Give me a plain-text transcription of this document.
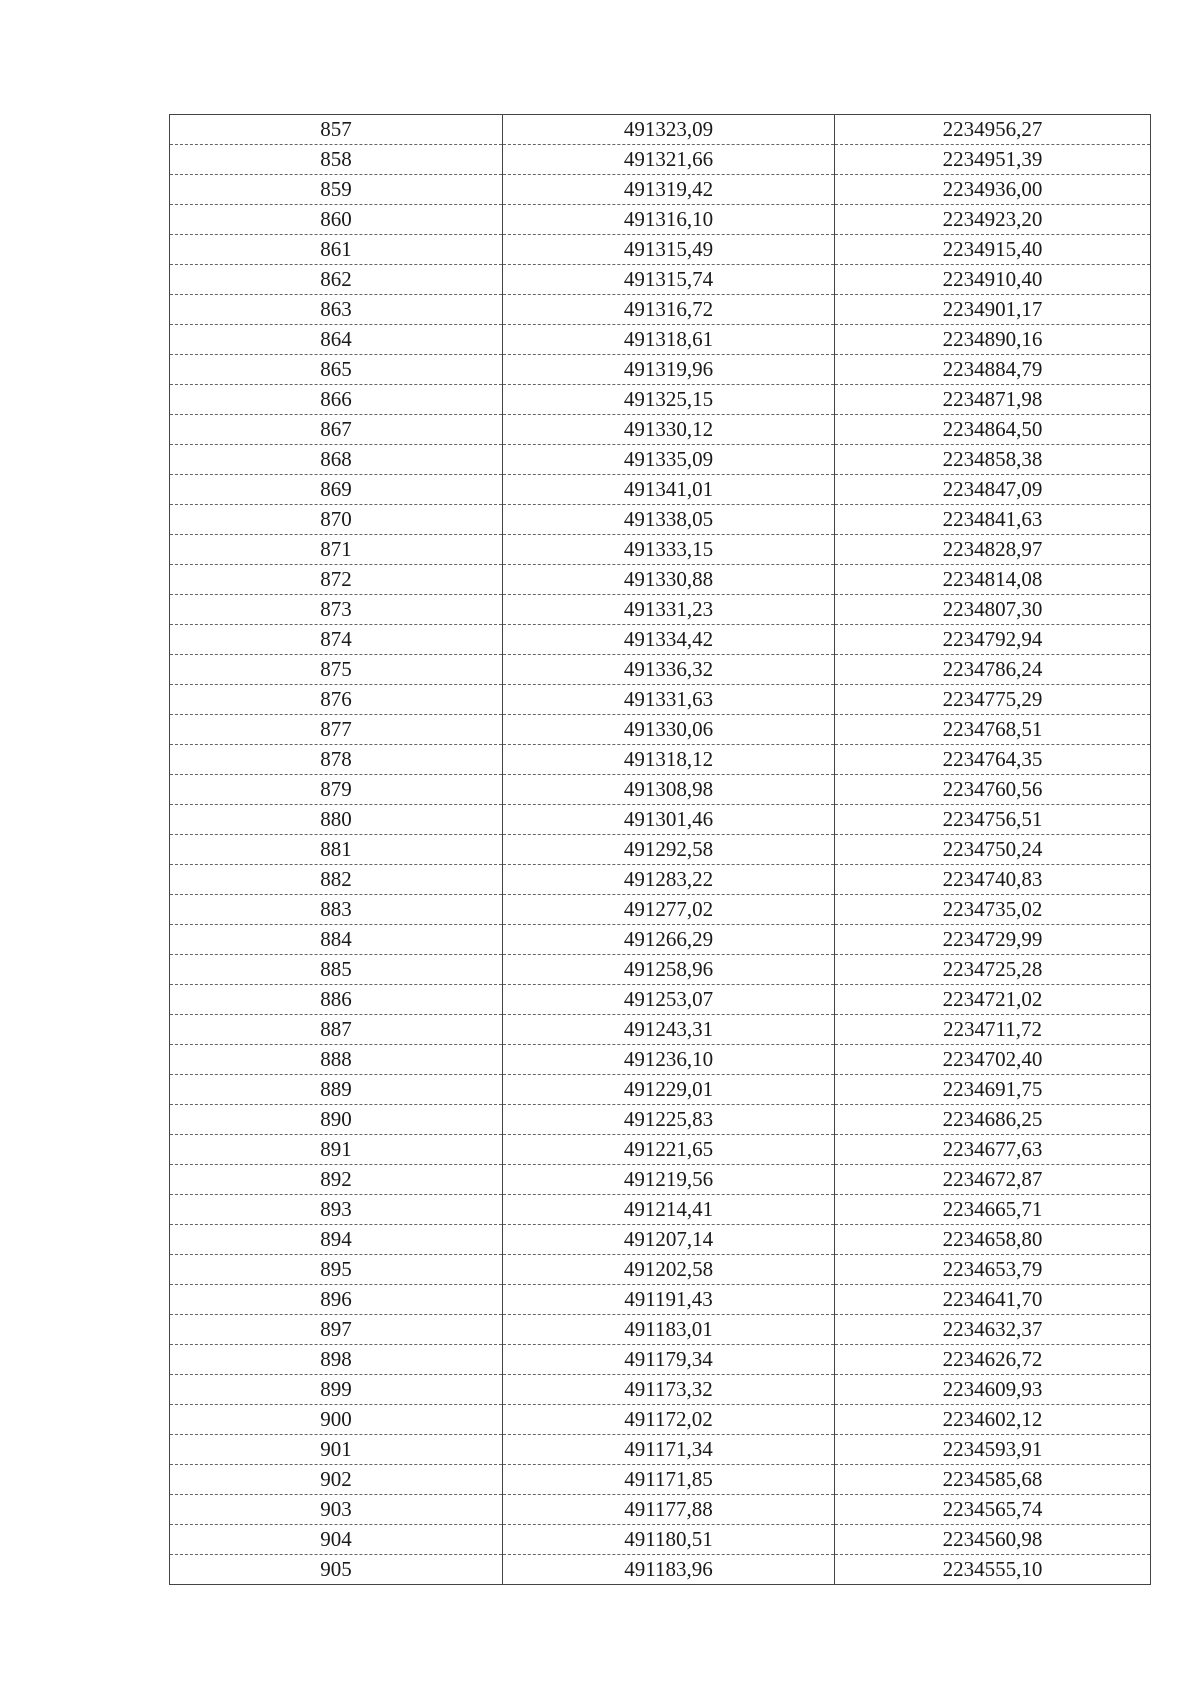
857	491323,09	2234956,27
858	491321,66	2234951,39
859	491319,42	2234936,00
860	491316,10	2234923,20
861	491315,49	2234915,40
862	491315,74	2234910,40
863	491316,72	2234901,17
864	491318,61	2234890,16
865	491319,96	2234884,79
866	491325,15	2234871,98
867	491330,12	2234864,50
868	491335,09	2234858,38
869	491341,01	2234847,09
870	491338,05	2234841,63
871	491333,15	2234828,97
872	491330,88	2234814,08
873	491331,23	2234807,30
874	491334,42	2234792,94
875	491336,32	2234786,24
876	491331,63	2234775,29
877	491330,06	2234768,51
878	491318,12	2234764,35
879	491308,98	2234760,56
880	491301,46	2234756,51
881	491292,58	2234750,24
882	491283,22	2234740,83
883	491277,02	2234735,02
884	491266,29	2234729,99
885	491258,96	2234725,28
886	491253,07	2234721,02
887	491243,31	2234711,72
888	491236,10	2234702,40
889	491229,01	2234691,75
890	491225,83	2234686,25
891	491221,65	2234677,63
892	491219,56	2234672,87
893	491214,41	2234665,71
894	491207,14	2234658,80
895	491202,58	2234653,79
896	491191,43	2234641,70
897	491183,01	2234632,37
898	491179,34	2234626,72
899	491173,32	2234609,93
900	491172,02	2234602,12
901	491171,34	2234593,91
902	491171,85	2234585,68
903	491177,88	2234565,74
904	491180,51	2234560,98
905	491183,96	2234555,10
